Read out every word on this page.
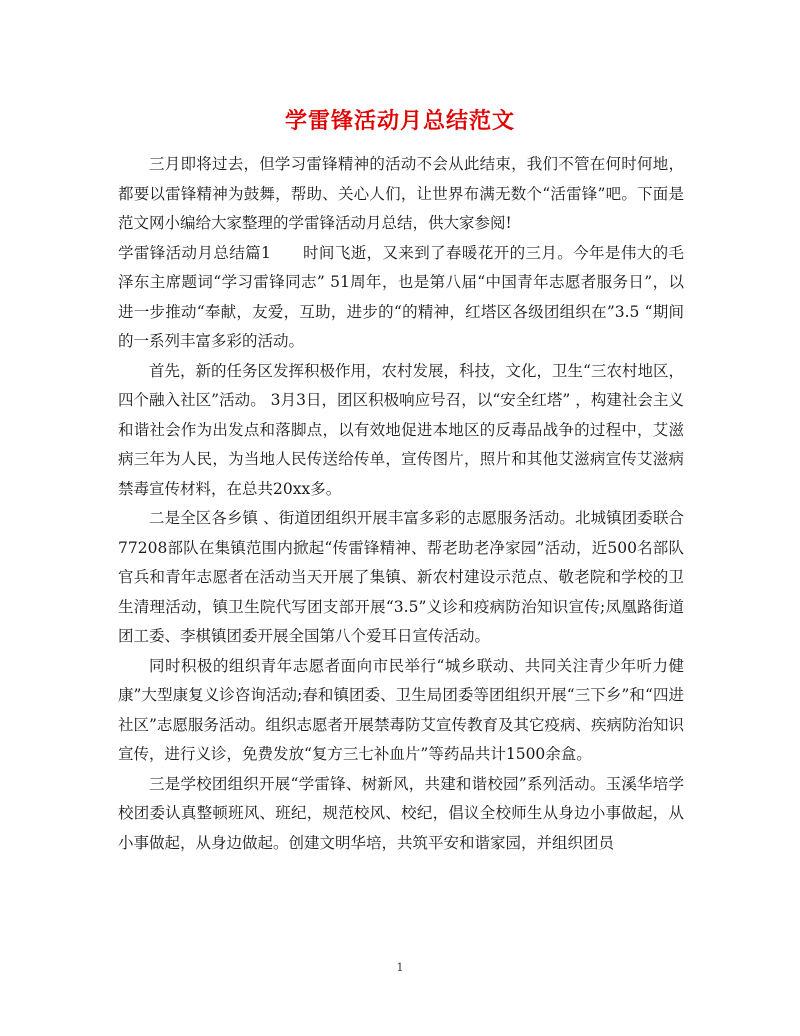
学雷锋活动月总结范文

三月即将过去，但学习雷锋精神的活动不会从此结束，我们不管在何时何地，都要以雷锋精神为鼓舞，帮助、关心人们，让世界布满无数个“活雷锋”吧。下面是范文网小编给大家整理的学雷锋活动月总结，供大家参阅!

学雷锋活动月总结篇1　　时间飞逝，又来到了春暖花开的三月。今年是伟大的毛泽东主席题词“学习雷锋同志” 51周年，也是第八届“中国青年志愿者服务日”，以进一步推动“奉献，友爱，互助，进步的“的精神，红塔区各级团组织在”3.5 “期间的一系列丰富多彩的活动。

首先，新的任务区发挥积极作用，农村发展，科技，文化，卫生“三农村地区，四个融入社区”活动。 3月3日，团区积极响应号召，以“安全红塔” ，构建社会主义和谐社会作为出发点和落脚点，以有效地促进本地区的反毒品战争的过程中，艾滋病三年为人民，为当地人民传送给传单，宣传图片，照片和其他艾滋病宣传艾滋病禁毒宣传材料，在总共20xx多。

二是全区各乡镇 、街道团组织开展丰富多彩的志愿服务活动。北城镇团委联合77208部队在集镇范围内掀起“传雷锋精神、帮老助老净家园”活动，近500名部队官兵和青年志愿者在活动当天开展了集镇、新农村建设示范点、敬老院和学校的卫生清理活动，镇卫生院代写团支部开展“3.5”义诊和疫病防治知识宣传;凤凰路街道团工委、李棋镇团委开展全国第八个爱耳日宣传活动。

同时积极的组织青年志愿者面向市民举行“城乡联动、共同关注青少年听力健康”大型康复义诊咨询活动;春和镇团委、卫生局团委等团组织开展“三下乡”和“四进社区”志愿服务活动。组织志愿者开展禁毒防艾宣传教育及其它疫病、疾病防治知识宣传，进行义诊，免费发放“复方三七补血片”等药品共计1500余盒。

三是学校团组织开展“学雷锋、树新风，共建和谐校园”系列活动。玉溪华培学校团委认真整顿班风、班纪，规范校风、校纪，倡议全校师生从身边小事做起，从小事做起，从身边做起。创建文明华培，共筑平安和谐家园，并组织团员

1
